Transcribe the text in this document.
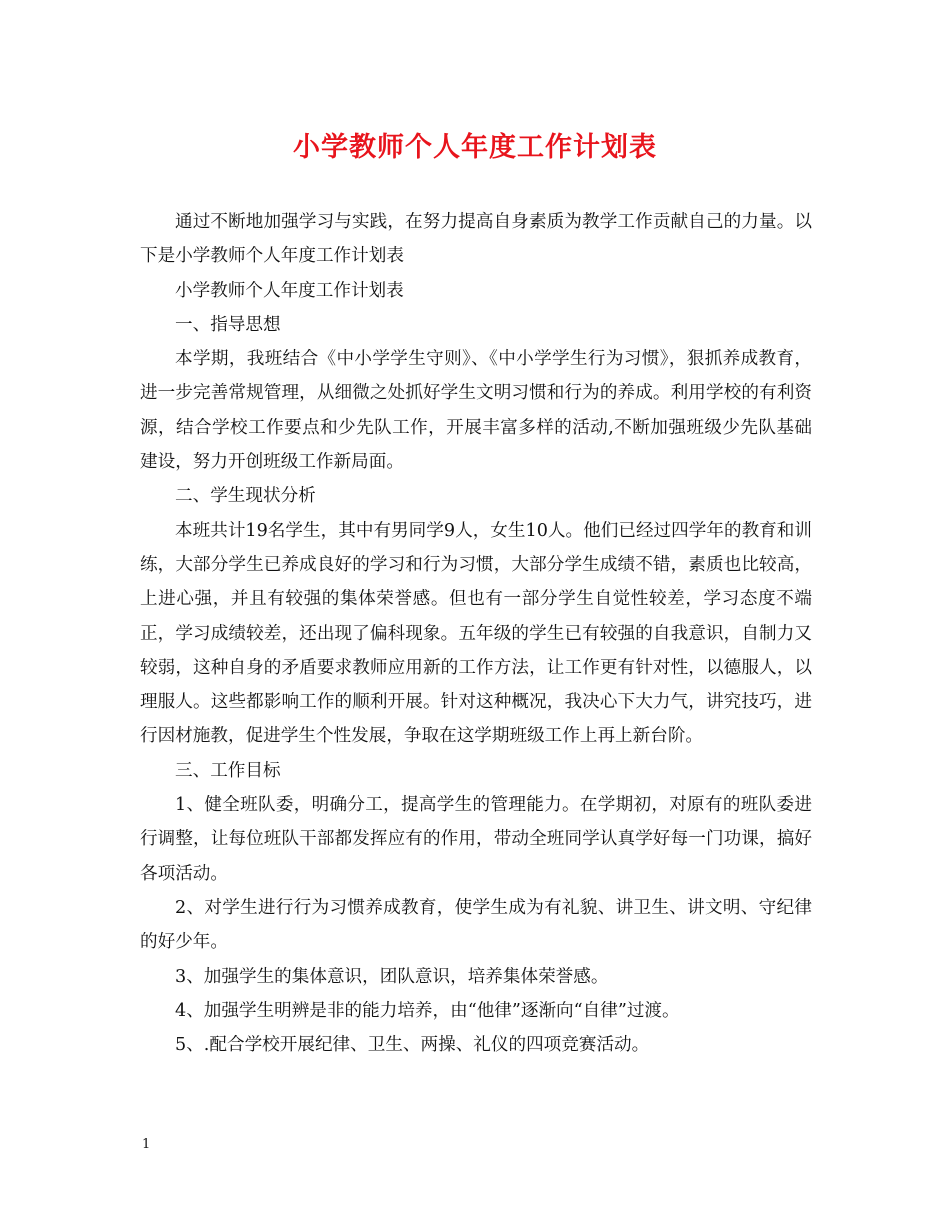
小学教师个人年度工作计划表

通过不断地加强学习与实践，在努力提高自身素质为教学工作贡献自己的力量。以下是小学教师个人年度工作计划表

小学教师个人年度工作计划表

一、指导思想

本学期，我班结合《中小学学生守则》、《中小学学生行为习惯》，狠抓养成教育，进一步完善常规管理，从细微之处抓好学生文明习惯和行为的养成。利用学校的有利资源，结合学校工作要点和少先队工作，开展丰富多样的活动,不断加强班级少先队基础建设，努力开创班级工作新局面。

二、学生现状分析

本班共计19名学生，其中有男同学9人，女生10人。他们已经过四学年的教育和训练，大部分学生已养成良好的学习和行为习惯，大部分学生成绩不错，素质也比较高，上进心强，并且有较强的集体荣誉感。但也有一部分学生自觉性较差，学习态度不端正，学习成绩较差，还出现了偏科现象。五年级的学生已有较强的自我意识，自制力又较弱，这种自身的矛盾要求教师应用新的工作方法，让工作更有针对性，以德服人，以理服人。这些都影响工作的顺利开展。针对这种概况，我决心下大力气，讲究技巧，进行因材施教，促进学生个性发展，争取在这学期班级工作上再上新台阶。

三、工作目标

1、健全班队委，明确分工，提高学生的管理能力。在学期初，对原有的班队委进行调整，让每位班队干部都发挥应有的作用，带动全班同学认真学好每一门功课，搞好各项活动。

2、对学生进行行为习惯养成教育，使学生成为有礼貌、讲卫生、讲文明、守纪律的好少年。

3、加强学生的集体意识，团队意识，培养集体荣誉感。

4、加强学生明辨是非的能力培养，由“他律”逐渐向“自律”过渡。

5、.配合学校开展纪律、卫生、两操、礼仪的四项竞赛活动。

1
